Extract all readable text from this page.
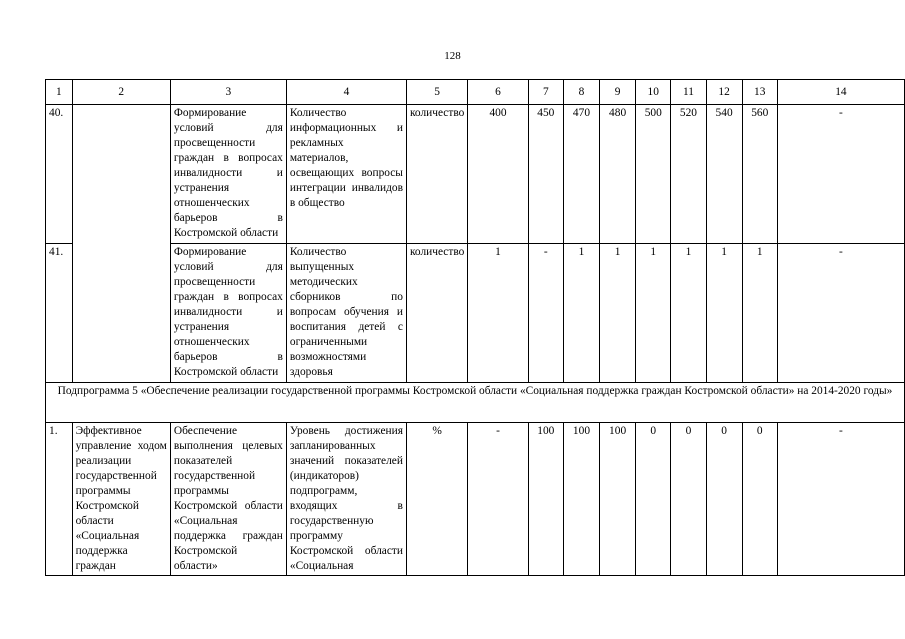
128
1	2	3	4	5	6	7	8	9	10	11	12	13	14
40.		Формирование условий для просвещенности граждан в вопросах инвалидности и устранения отношенческих барьеров в Костромской области	Количество информационных и рекламных материалов, освещающих вопросы интеграции инвалидов в общество	количество	400	450	470	480	500	520	540	560	-
41.		Формирование условий для просвещенности граждан в вопросах инвалидности и устранения отношенческих барьеров в Костромской области	Количество выпущенных методических сборников по вопросам обучения и воспитания детей с ограниченными возможностями здоровья	количество	1	-	1	1	1	1	1	1	-
Подпрограмма 5 «Обеспечение реализации государственной программы Костромской области «Социальная поддержка граждан Костромской области» на 2014-2020 годы»													
1.	Эффективное управление ходом реализации государственной программы Костромской области «Социальная поддержка граждан	Обеспечение выполнения целевых показателей государственной программы Костромской области «Социальная поддержка граждан Костромской области»	Уровень достижения запланированных значений показателей (индикаторов) подпрограмм, входящих в государственную программу Костромской области «Социальная	%	-	100	100	100	0	0	0	0	-
